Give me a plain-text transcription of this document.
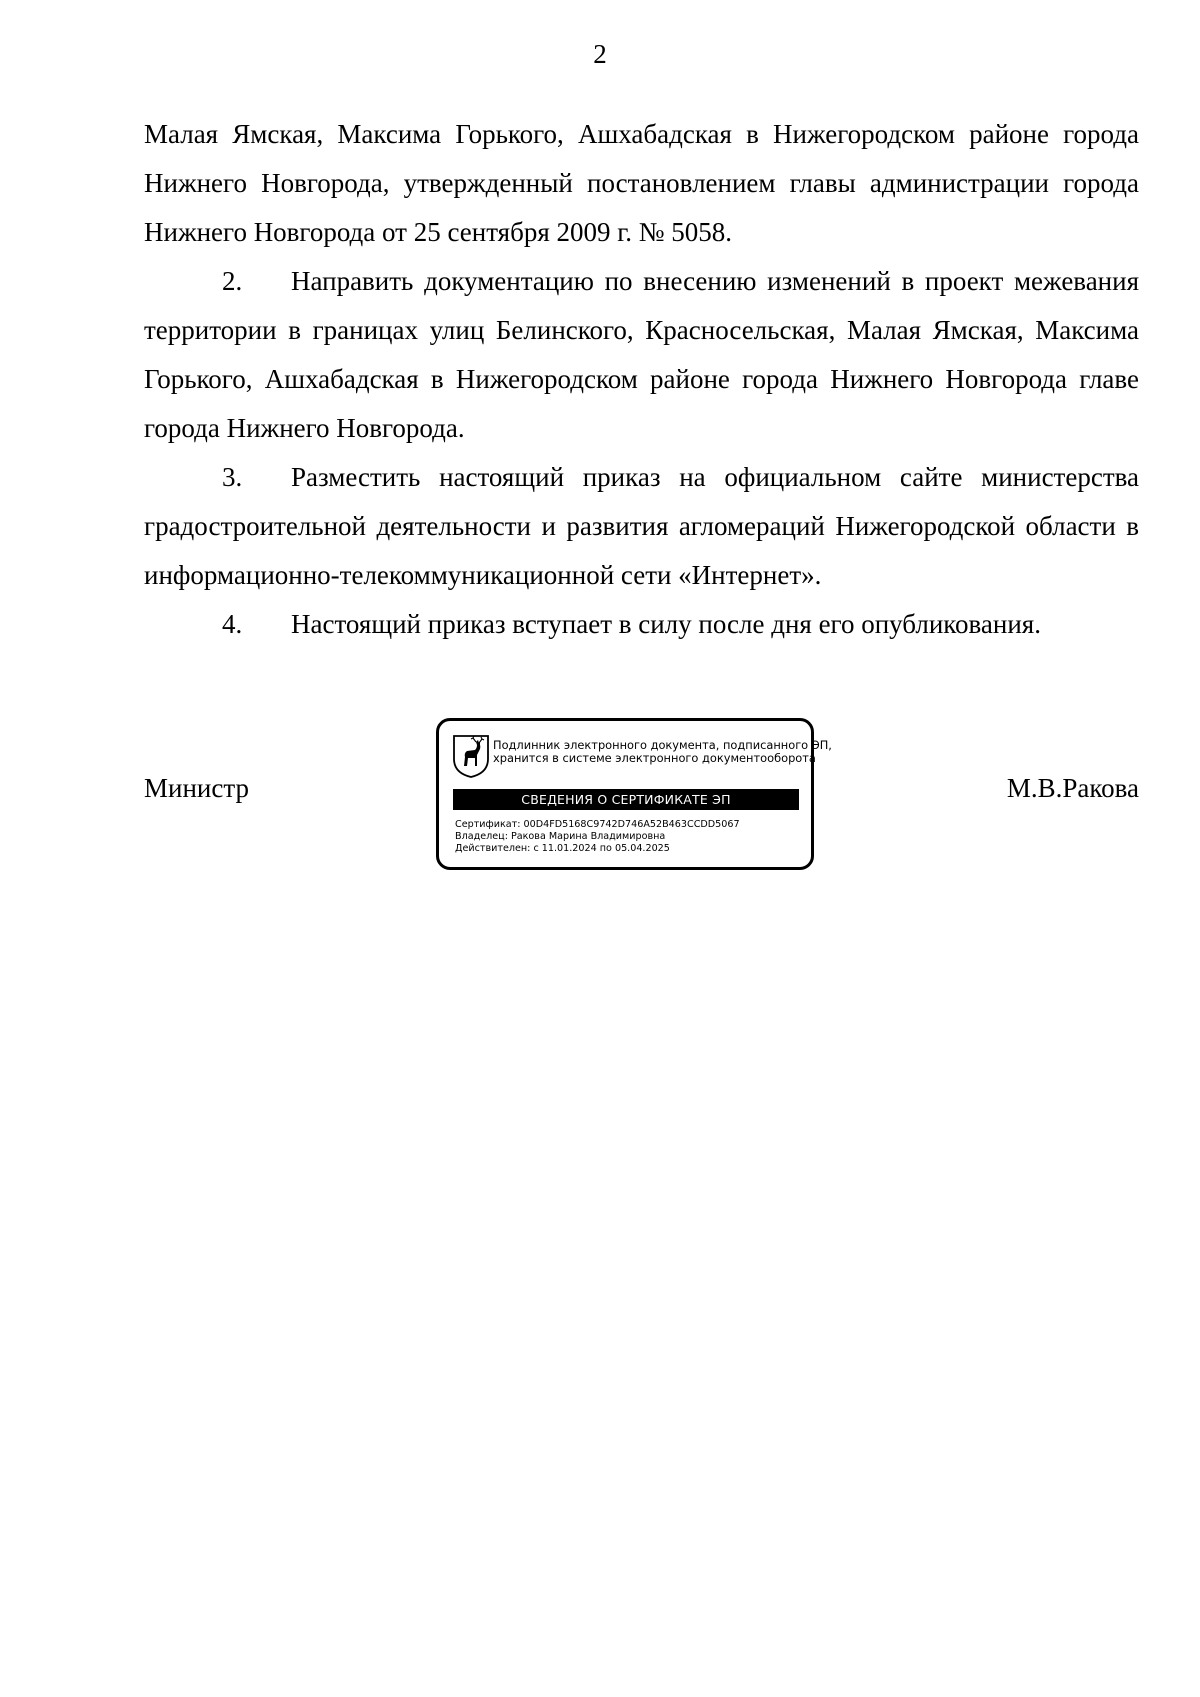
2

Малая Ямская, Максима Горького, Ашхабадская в Нижегородском районе города Нижнего Новгорода, утвержденный постановлением главы администрации города Нижнего Новгорода от 25 сентября 2009 г. № 5058.

2. Направить документацию по внесению изменений в проект межевания территории в границах улиц Белинского, Красносельская, Малая Ямская, Максима Горького, Ашхабадская в Нижегородском районе города Нижнего Новгорода главе города Нижнего Новгорода.

3. Разместить настоящий приказ на официальном сайте министерства градостроительной деятельности и развития агломераций Нижегородской области в информационно-телекоммуникационной сети «Интернет».

4. Настоящий приказ вступает в силу после дня его опубликования.

Министр
Подлинник электронного документа, подписанного ЭП,
хранится в системе электронного документооборота
СВЕДЕНИЯ О СЕРТИФИКАТЕ ЭП
Сертификат: 00D4FD5168C9742D746A52B463CCDD5067
Владелец: Ракова Марина Владимировна
Действителен: с 11.01.2024 по 05.04.2025
М.В.Ракова
